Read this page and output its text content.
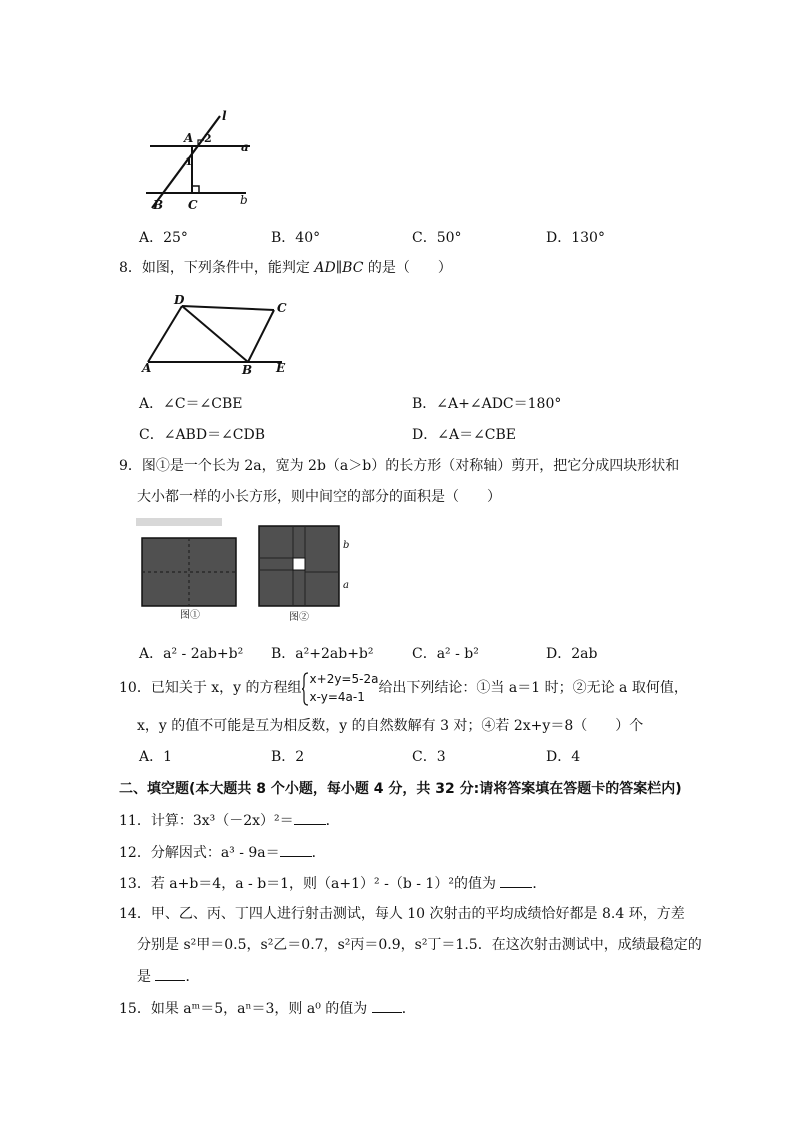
l
a
b
A 2
1
B C
A．25°	B．40°	C．50°	D．130°
8．如图，下列条件中，能判定 AD∥BC 的是（　　）
D
C
A	B E
A．∠C＝∠CBE	B．∠A+∠ADC＝180°
C．∠ABD＝∠CDB	D．∠A＝∠CBE
9．图①是一个长为 2a，宽为 2b（a＞b）的长方形（对称轴）剪开，把它分成四块形状和
大小都一样的小长方形，则中间空的部分的面积是（　　）
图①
b
a
图②
A．a² - 2ab+b² B．a²+2ab+b²	C．a² - b²	D．2ab
10．已知关于 x，y 的方程组
x+2y=5-2a
x-y=4a-1
给出下列结论：①当 a＝1 时；②无论 a 取何值，
x，y 的值不可能是互为相反数，y 的自然数解有 3 对；④若 2x+y＝8（　　）个
A．1	B．2	C．3	D．4
二、填空题(本大题共 8 个小题，每小题 4 分，共 32 分:请将答案填在答题卡的答案栏内)
11．计算：3x³（－2x）²＝ ．
12．分解因式：a³ - 9a＝ ．
13．若 a+b＝4，a - b＝1，则（a+1）² -（b - 1）²的值为 ．
14．甲、乙、丙、丁四人进行射击测试，每人 10 次射击的平均成绩恰好都是 8.4 环，方差
分别是 s²甲＝0.5，s²乙＝0.7，s²丙＝0.9，s²丁＝1.5．在这次射击测试中，成绩最稳定的
是 ．
15．如果 aᵐ＝5，aⁿ＝3，则 a⁰ 的值为 ．
